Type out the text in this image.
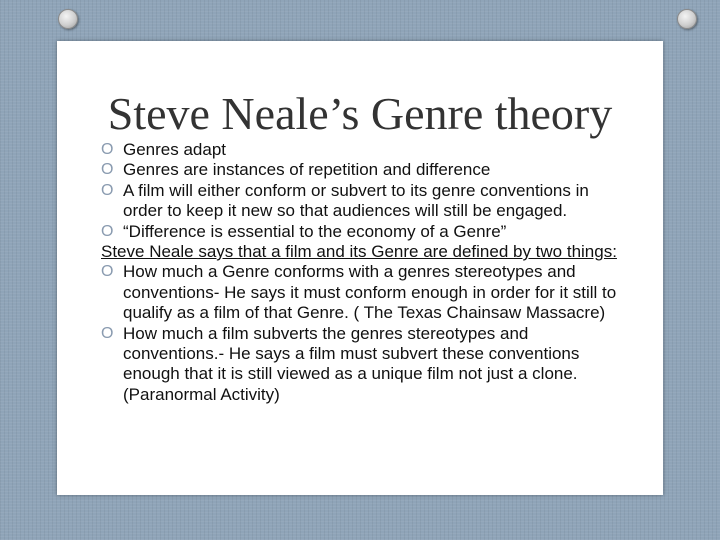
Steve Neale’s Genre theory
O Genres adapt
O Genres are instances of repetition and difference
O A film will either conform or subvert to its genre conventions in order to keep it new so that audiences will still be engaged.
O “Difference is essential to the economy of a Genre”
Steve Neale says that a film and its Genre are defined by two things:
O How much a Genre conforms with a genres stereotypes and conventions- He says it must conform enough in order for it still to qualify as a film of that Genre. ( The Texas Chainsaw Massacre)
O How much a film subverts the genres stereotypes and conventions.- He says a film must subvert these conventions enough that it is still viewed as a unique film not just a clone. (Paranormal Activity)
